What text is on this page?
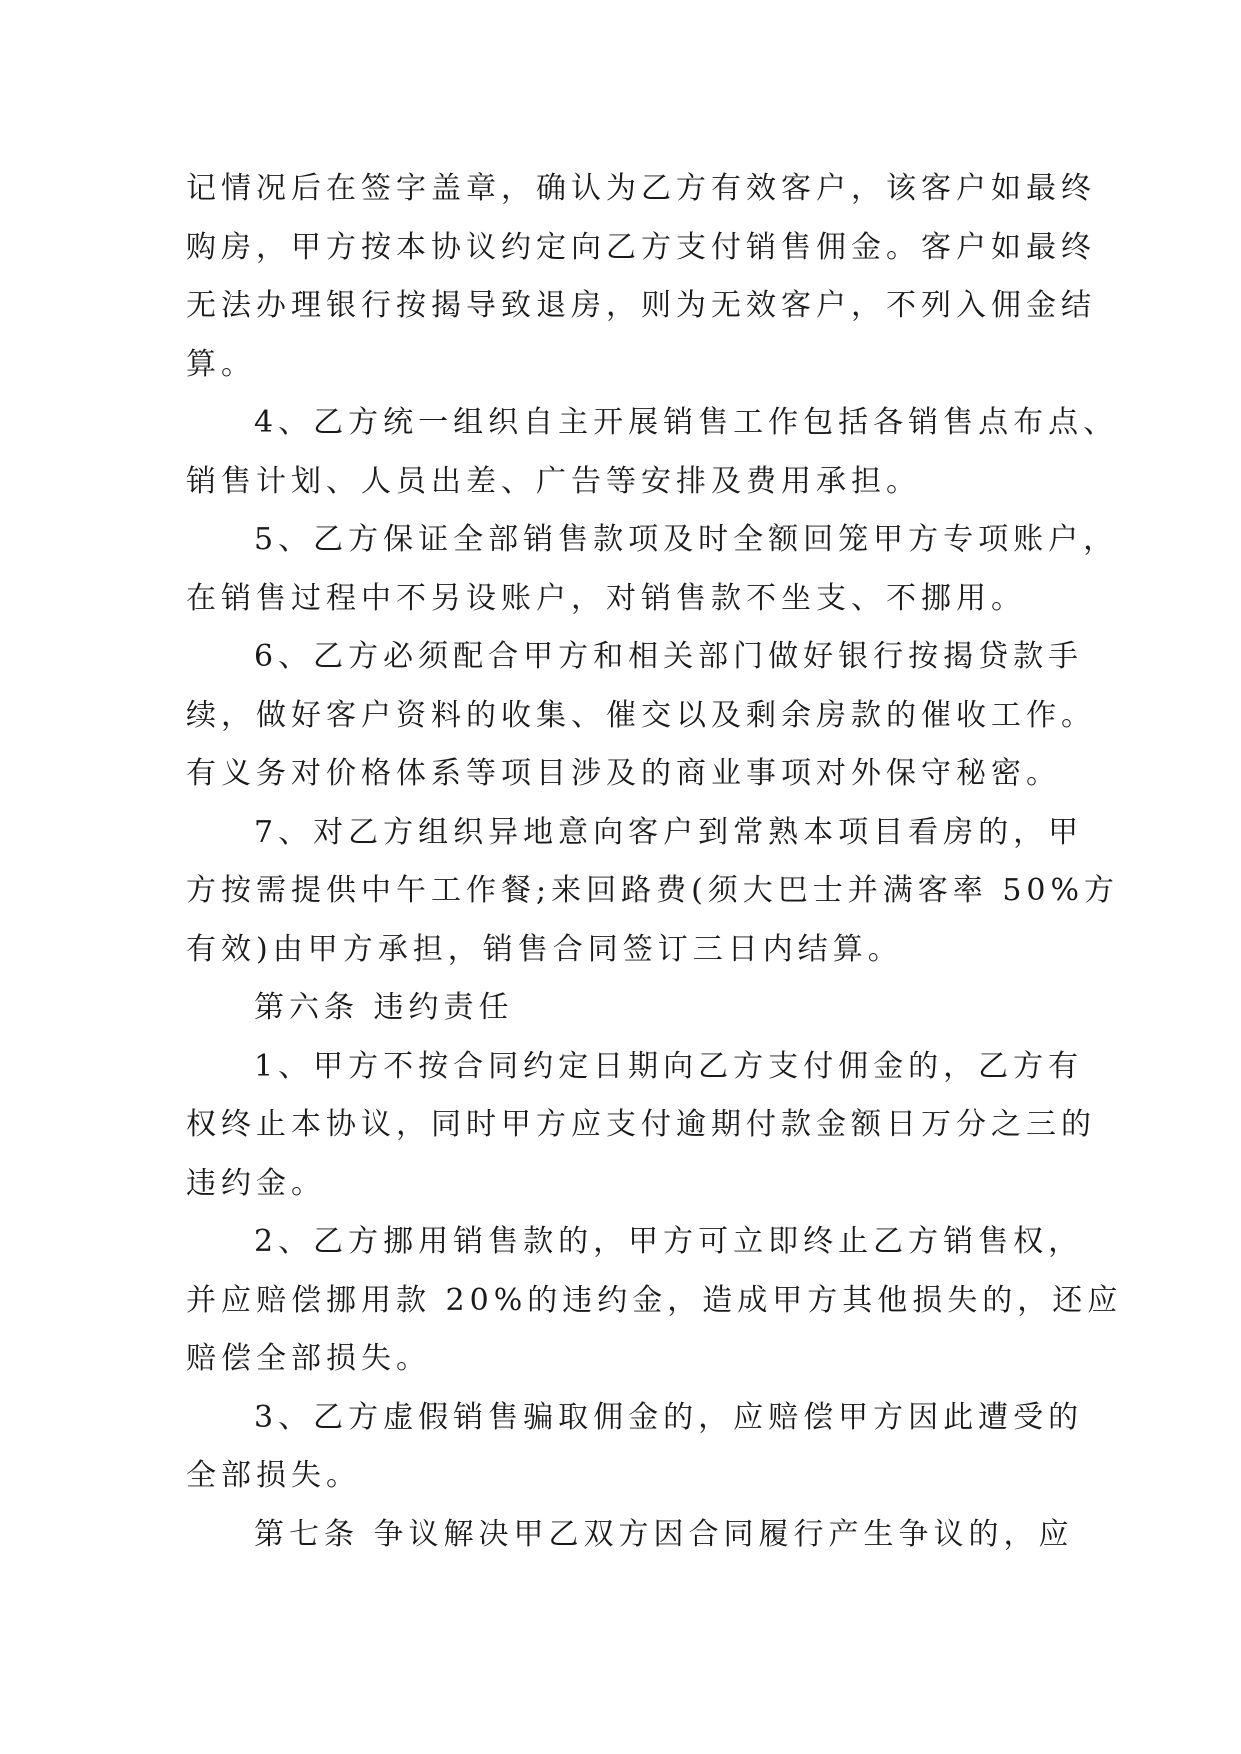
记情况后在签字盖章，确认为乙方有效客户，该客户如最终
购房，甲方按本协议约定向乙方支付销售佣金。客户如最终
无法办理银行按揭导致退房，则为无效客户，不列入佣金结
算。
4、乙方统一组织自主开展销售工作包括各销售点布点、
销售计划、人员出差、广告等安排及费用承担。
5、乙方保证全部销售款项及时全额回笼甲方专项账户，
在销售过程中不另设账户，对销售款不坐支、不挪用。
6、乙方必须配合甲方和相关部门做好银行按揭贷款手
续，做好客户资料的收集、催交以及剩余房款的催收工作。
有义务对价格体系等项目涉及的商业事项对外保守秘密。
7、对乙方组织异地意向客户到常熟本项目看房的，甲
方按需提供中午工作餐;来回路费(须大巴士并满客率 50%方
有效)由甲方承担，销售合同签订三日内结算。
第六条 违约责任
1、甲方不按合同约定日期向乙方支付佣金的，乙方有
权终止本协议，同时甲方应支付逾期付款金额日万分之三的
违约金。
2、乙方挪用销售款的，甲方可立即终止乙方销售权，
并应赔偿挪用款 20%的违约金，造成甲方其他损失的，还应
赔偿全部损失。
3、乙方虚假销售骗取佣金的，应赔偿甲方因此遭受的
全部损失。
第七条 争议解决甲乙双方因合同履行产生争议的，应
